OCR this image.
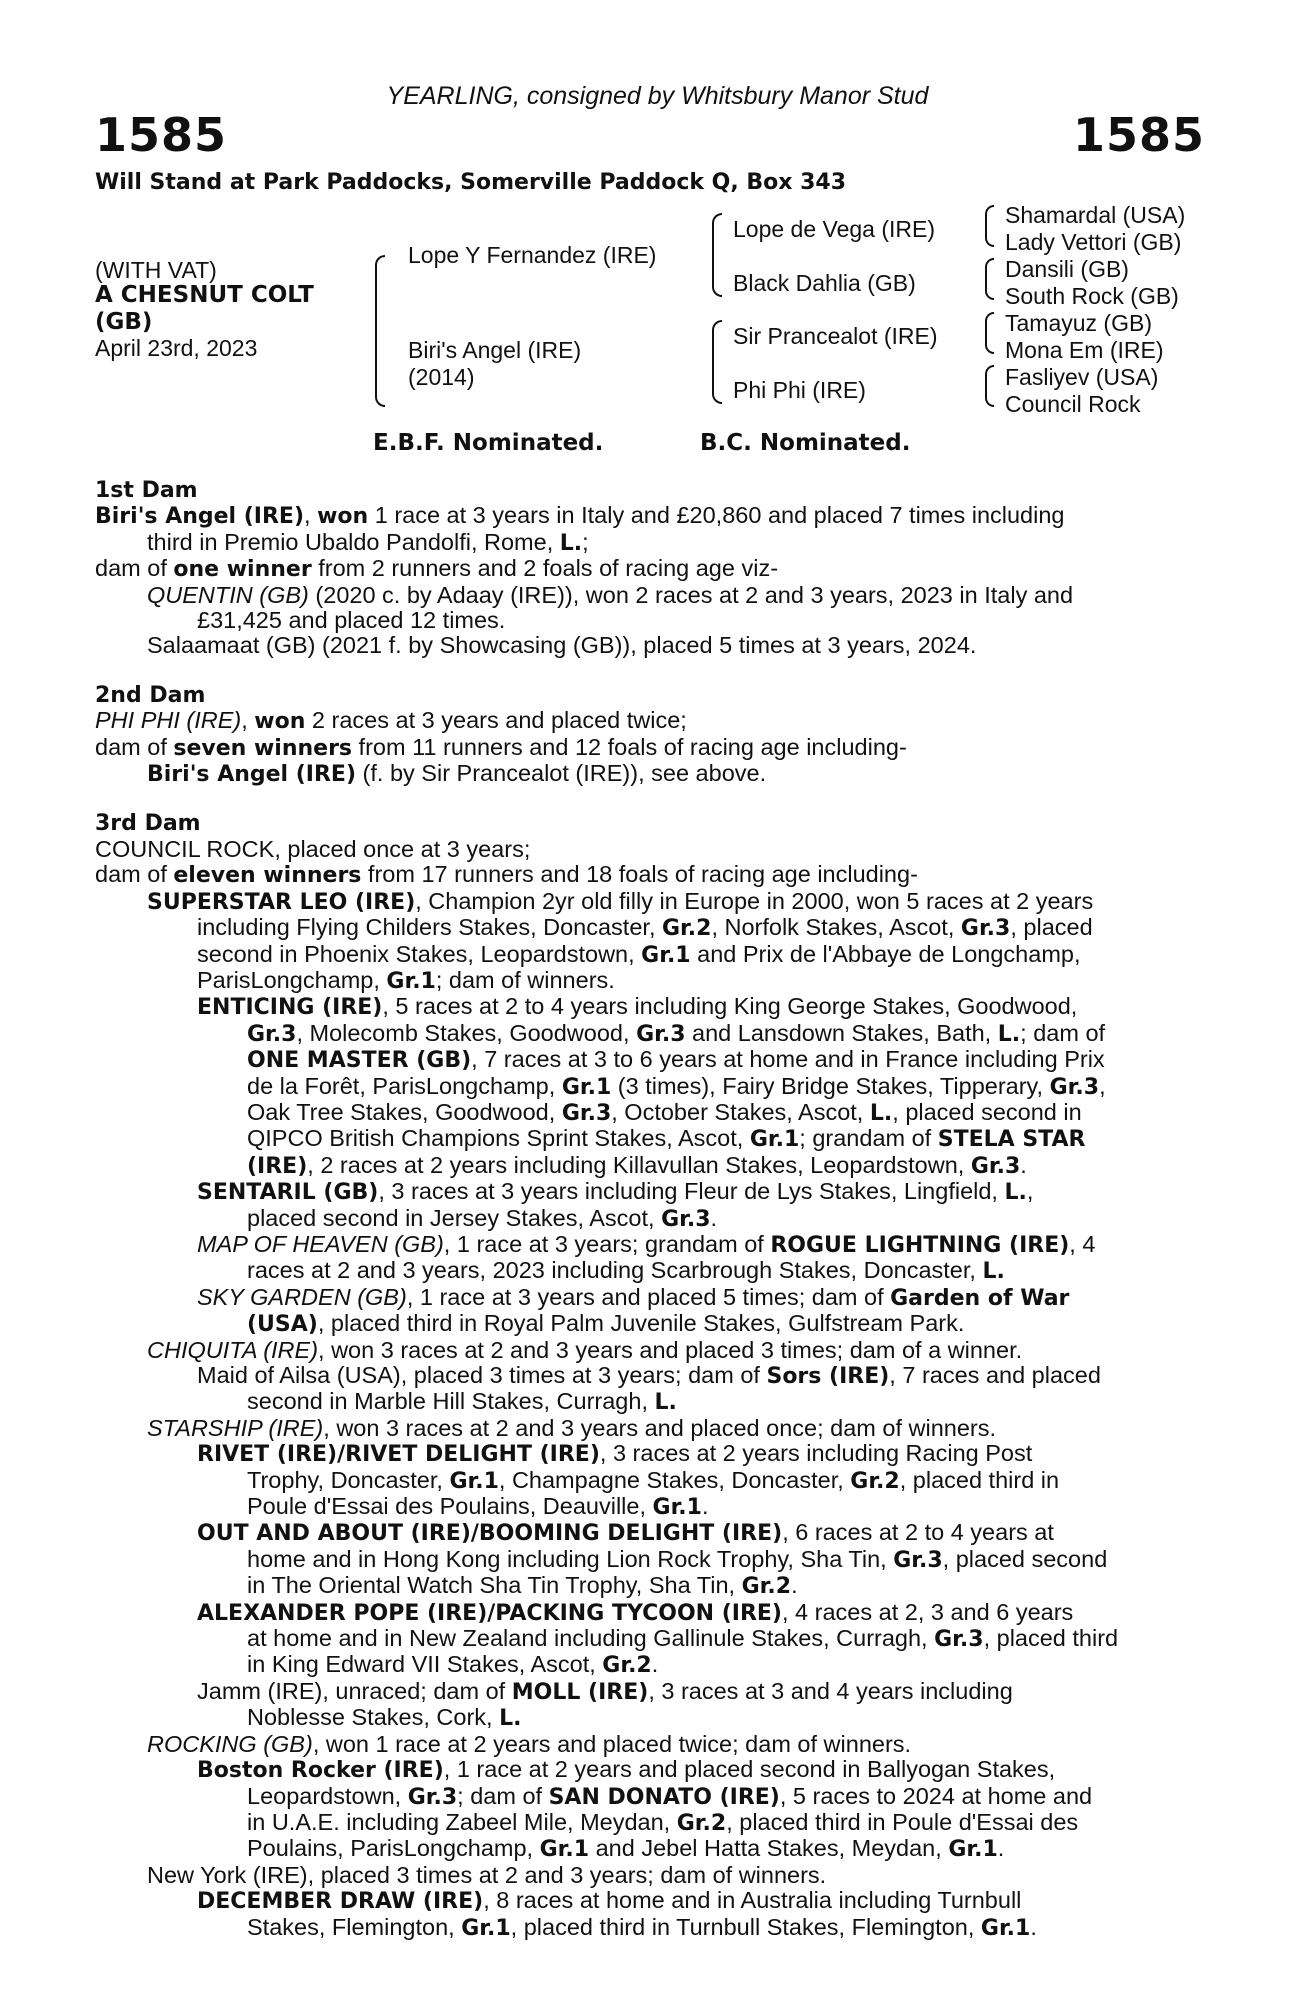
YEARLING, consigned by Whitsbury Manor Stud
1585	1585
Will Stand at Park Paddocks, Somerville Paddock Q, Box 343
(WITH VAT)
A CHESNUT COLT
(GB)
April 23rd, 2023
Lope Y Fernandez (IRE)
Biri's Angel (IRE)
(2014)
Lope de Vega (IRE)
Black Dahlia (GB)
Sir Prancealot (IRE)
Phi Phi (IRE)
Shamardal (USA)
Lady Vettori (GB)
Dansili (GB)
South Rock (GB)
Tamayuz (GB)
Mona Em (IRE)
Fasliyev (USA)
Council Rock
E.B.F. Nominated.	B.C. Nominated.
1st Dam
Biri's Angel (IRE), won 1 race at 3 years in Italy and £20,860 and placed 7 times including
third in Premio Ubaldo Pandolfi, Rome, L.;
dam of one winner from 2 runners and 2 foals of racing age viz-
QUENTIN (GB) (2020 c. by Adaay (IRE)), won 2 races at 2 and 3 years, 2023 in Italy and
£31,425 and placed 12 times.
Salaamaat (GB) (2021 f. by Showcasing (GB)), placed 5 times at 3 years, 2024.
2nd Dam
PHI PHI (IRE), won 2 races at 3 years and placed twice;
dam of seven winners from 11 runners and 12 foals of racing age including-
Biri's Angel (IRE) (f. by Sir Prancealot (IRE)), see above.
3rd Dam
COUNCIL ROCK, placed once at 3 years;
dam of eleven winners from 17 runners and 18 foals of racing age including-
SUPERSTAR LEO (IRE), Champion 2yr old filly in Europe in 2000, won 5 races at 2 years
including Flying Childers Stakes, Doncaster, Gr.2, Norfolk Stakes, Ascot, Gr.3, placed
second in Phoenix Stakes, Leopardstown, Gr.1 and Prix de l'Abbaye de Longchamp,
ParisLongchamp, Gr.1; dam of winners.
ENTICING (IRE), 5 races at 2 to 4 years including King George Stakes, Goodwood,
Gr.3, Molecomb Stakes, Goodwood, Gr.3 and Lansdown Stakes, Bath, L.; dam of
ONE MASTER (GB), 7 races at 3 to 6 years at home and in France including Prix
de la Forêt, ParisLongchamp, Gr.1 (3 times), Fairy Bridge Stakes, Tipperary, Gr.3,
Oak Tree Stakes, Goodwood, Gr.3, October Stakes, Ascot, L., placed second in
QIPCO British Champions Sprint Stakes, Ascot, Gr.1; grandam of STELA STAR
(IRE), 2 races at 2 years including Killavullan Stakes, Leopardstown, Gr.3.
SENTARIL (GB), 3 races at 3 years including Fleur de Lys Stakes, Lingfield, L.,
placed second in Jersey Stakes, Ascot, Gr.3.
MAP OF HEAVEN (GB), 1 race at 3 years; grandam of ROGUE LIGHTNING (IRE), 4
races at 2 and 3 years, 2023 including Scarbrough Stakes, Doncaster, L.
SKY GARDEN (GB), 1 race at 3 years and placed 5 times; dam of Garden of War
(USA), placed third in Royal Palm Juvenile Stakes, Gulfstream Park.
CHIQUITA (IRE), won 3 races at 2 and 3 years and placed 3 times; dam of a winner.
Maid of Ailsa (USA), placed 3 times at 3 years; dam of Sors (IRE), 7 races and placed
second in Marble Hill Stakes, Curragh, L.
STARSHIP (IRE), won 3 races at 2 and 3 years and placed once; dam of winners.
RIVET (IRE)/RIVET DELIGHT (IRE), 3 races at 2 years including Racing Post
Trophy, Doncaster, Gr.1, Champagne Stakes, Doncaster, Gr.2, placed third in
Poule d'Essai des Poulains, Deauville, Gr.1.
OUT AND ABOUT (IRE)/BOOMING DELIGHT (IRE), 6 races at 2 to 4 years at
home and in Hong Kong including Lion Rock Trophy, Sha Tin, Gr.3, placed second
in The Oriental Watch Sha Tin Trophy, Sha Tin, Gr.2.
ALEXANDER POPE (IRE)/PACKING TYCOON (IRE), 4 races at 2, 3 and 6 years
at home and in New Zealand including Gallinule Stakes, Curragh, Gr.3, placed third
in King Edward VII Stakes, Ascot, Gr.2.
Jamm (IRE), unraced; dam of MOLL (IRE), 3 races at 3 and 4 years including
Noblesse Stakes, Cork, L.
ROCKING (GB), won 1 race at 2 years and placed twice; dam of winners.
Boston Rocker (IRE), 1 race at 2 years and placed second in Ballyogan Stakes,
Leopardstown, Gr.3; dam of SAN DONATO (IRE), 5 races to 2024 at home and
in U.A.E. including Zabeel Mile, Meydan, Gr.2, placed third in Poule d'Essai des
Poulains, ParisLongchamp, Gr.1 and Jebel Hatta Stakes, Meydan, Gr.1.
New York (IRE), placed 3 times at 2 and 3 years; dam of winners.
DECEMBER DRAW (IRE), 8 races at home and in Australia including Turnbull
Stakes, Flemington, Gr.1, placed third in Turnbull Stakes, Flemington, Gr.1.
